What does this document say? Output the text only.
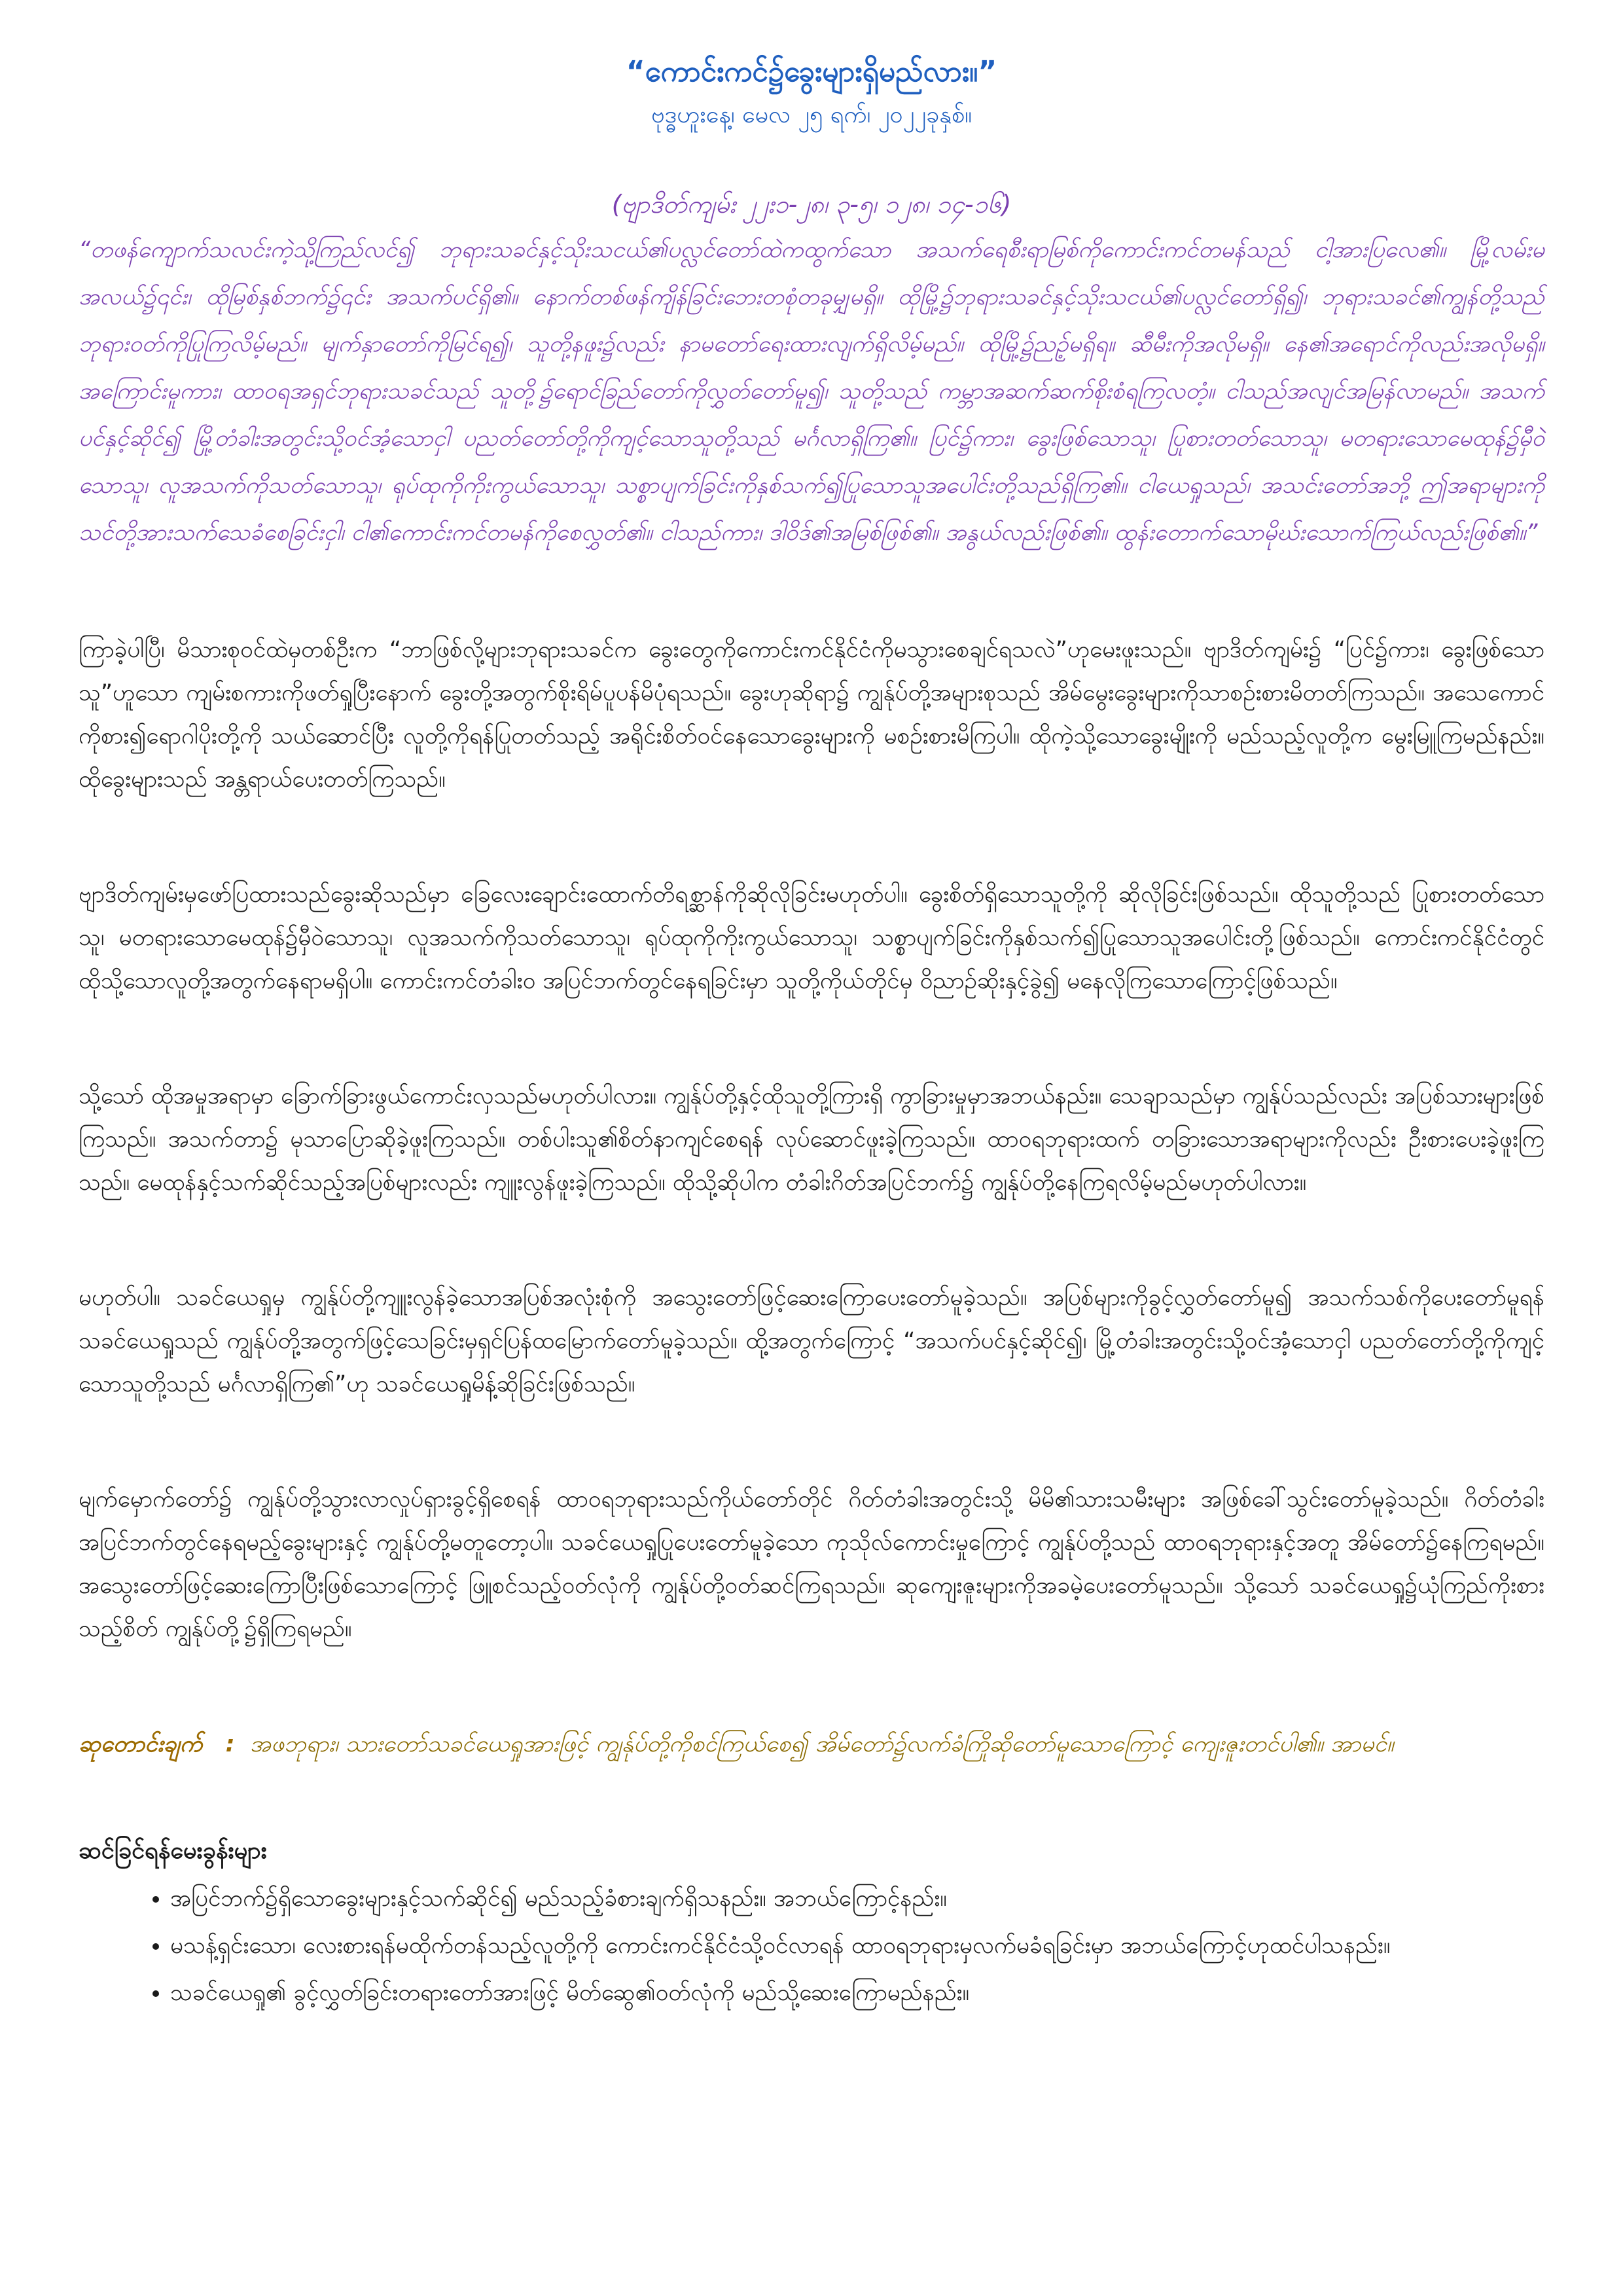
“ကောင်းကင်၌ခွေးများရှိမည်လား။”

ဗုဒ္ဓဟူးနေ့၊ မေလ ၂၅ ရက်၊ ၂၀၂၂ခုနှစ်။

(ဗျာဒိတ်ကျမ်း ၂၂း၁-၂၈၊ ၃-၅၊ ၁၂၈၊ ၁၄-၁၆)

“တဖန်ကျောက်သလင်းကဲ့သို့ကြည်လင်၍ ဘုရားသခင်နှင့်သိုးသငယ်၏ပလ္လင်တော်ထဲကထွက်သော အသက်ရေစီးရာမြစ်ကိုကောင်းကင်တမန်သည် ငါ့အားပြလေ၏။ မြို့လမ်းမအလယ်၌၎င်း၊ ထိုမြစ်နှစ်ဘက်၌၎င်း အသက်ပင်ရှိ၏။ နောက်တစ်ဖန်ကျိန်ခြင်းဘေးတစုံတခုမျှမရှိ။ ထိုမြို့၌ဘုရားသခင်နှင့်သိုးသငယ်၏ပလ္လင်တော်ရှိ၍၊ ဘုရားသခင်၏ကျွန်တို့သည် ဘုရားဝတ်ကိုပြုကြလိမ့်မည်။ မျက်နှာတော်ကိုမြင်ရ၍၊ သူတို့နဖူး၌လည်း နာမတော်ရေးထားလျက်ရှိလိမ့်မည်။ ထိုမြို့၌ညဉ့်မရှိရ။ ဆီမီးကိုအလိုမရှိ။ နေ၏အရောင်ကိုလည်းအလိုမရှိ။ အကြောင်းမူကား၊ ထာဝရအရှင်ဘုရားသခင်သည် သူတို့၌ရောင်ခြည်တော်ကိုလွှတ်တော်မူ၍၊ သူတို့သည် ကမ္ဘာအဆက်ဆက်စိုးစံရကြလတံ့။ ငါသည်အလျင်အမြန်လာမည်။ အသက်ပင်နှင့်ဆိုင်၍ မြို့တံခါးအတွင်းသို့ဝင်အံ့သောငှါ ပညတ်တော်တို့ကိုကျင့်သောသူတို့သည် မင်္ဂလာရှိကြ၏။ ပြင်၌ကား၊ ခွေးဖြစ်သောသူ၊ ပြုစားတတ်သောသူ၊ မတရားသောမေထုန်၌မှီဝဲသောသူ၊ လူအသက်ကိုသတ်သောသူ၊ ရုပ်ထုကိုကိုးကွယ်သောသူ၊ သစ္စာပျက်ခြင်းကိုနှစ်သက်၍ပြုသောသူအပေါင်းတို့သည်ရှိကြ၏။ ငါယေရှုသည်၊ အသင်းတော်အဘို့ ဤအရာများကို သင်တို့အားသက်သေခံစေခြင်းငှါ၊ ငါ၏ကောင်းကင်တမန်ကိုစေလွှတ်၏။ ငါသည်ကား၊ ဒါဝိဒ်၏အမြစ်ဖြစ်၏။ အနွယ်လည်းဖြစ်၏။ ထွန်းတောက်သောမိုဃ်းသောက်ကြယ်လည်းဖြစ်၏။”

ကြာခဲ့ပါပြီ၊ မိသားစုဝင်ထဲမှတစ်ဦးက “ဘာဖြစ်လို့များဘုရားသခင်က ခွေးတွေကိုကောင်းကင်နိုင်ငံကိုမသွားစေချင်ရသလဲ”ဟုမေးဖူးသည်။ ဗျာဒိတ်ကျမ်း၌ “ပြင်၌ကား၊ ခွေးဖြစ်သောသူ”ဟူသော ကျမ်းစကားကိုဖတ်ရှုပြီးနောက် ခွေးတို့အတွက်စိုးရိမ်ပူပန်မိပုံရသည်။ ခွေးဟုဆိုရာ၌ ကျွန်ုပ်တို့အများစုသည် အိမ်မွေးခွေးများကိုသာစဉ်းစားမိတတ်ကြသည်။ အသေကောင်ကိုစား၍ရောဂါပိုးတို့ကို သယ်ဆောင်ပြီး လူတို့ကိုရန်ပြုတတ်သည့် အရိုင်းစိတ်ဝင်နေသောခွေးများကို မစဉ်းစားမိကြပါ။ ထိုကဲ့သို့သောခွေးမျိုးကို မည်သည့်လူတို့က မွေးမြူကြမည်နည်း။ ထိုခွေးများသည် အန္တရာယ်ပေးတတ်ကြသည်။

ဗျာဒိတ်ကျမ်းမှဖော်ပြထားသည်ခွေးဆိုသည်မှာ ခြေလေးချောင်းထောက်တိရစ္ဆာန်ကိုဆိုလိုခြင်းမဟုတ်ပါ။ ခွေးစိတ်ရှိသောသူတို့ကို ဆိုလိုခြင်းဖြစ်သည်။ ထိုသူတို့သည် ပြုစားတတ်သောသူ၊ မတရားသောမေထုန်၌မှီဝဲသောသူ၊ လူအသက်ကိုသတ်သောသူ၊ ရုပ်ထုကိုကိုးကွယ်သောသူ၊ သစ္စာပျက်ခြင်းကိုနှစ်သက်၍ပြုသောသူအပေါင်းတို့ဖြစ်သည်။ ကောင်းကင်နိုင်ငံတွင် ထိုသို့သောလူတို့အတွက်နေရာမရှိပါ။ ကောင်းကင်တံခါး၀ အပြင်ဘက်တွင်နေရခြင်းမှာ သူတို့ကိုယ်တိုင်မှ ဝိညာဉ်ဆိုးနှင့်ခွဲ၍ မနေလိုကြသောကြောင့်ဖြစ်သည်။

သို့သော် ထိုအမှုအရာမှာ ခြောက်ခြားဖွယ်ကောင်းလှသည်မဟုတ်ပါလား။ ကျွန်ုပ်တို့နှင့်ထိုသူတို့ကြားရှိ ကွာခြားမှုမှာအဘယ်နည်း။ သေချာသည်မှာ ကျွန်ုပ်သည်လည်း အပြစ်သားများဖြစ်ကြသည်။ အသက်တာ၌ မုသာပြောဆိုခဲ့ဖူးကြသည်။ တစ်ပါးသူ၏စိတ်နာကျင်စေရန် လုပ်ဆောင်ဖူးခဲ့ကြသည်။ ထာဝရဘုရားထက် တခြားသောအရာများကိုလည်း ဦးစားပေးခဲ့ဖူးကြသည်။ မေထုန်နှင့်သက်ဆိုင်သည့်အပြစ်များလည်း ကျူးလွန်ဖူးခဲ့ကြသည်။ ထိုသို့ဆိုပါက တံခါးဂိတ်အပြင်ဘက်၌ ကျွန်ုပ်တို့နေကြရလိမ့်မည်မဟုတ်ပါလား။

မဟုတ်ပါ။ သခင်ယေရှုမှ ကျွန်ုပ်တို့ကျူးလွန်ခဲ့သောအပြစ်အလုံးစုံကို အသွေးတော်ဖြင့်ဆေးကြောပေးတော်မူခဲ့သည်။ အပြစ်များကိုခွင့်လွှတ်တော်မူ၍ အသက်သစ်ကိုပေးတော်မူရန် သခင်ယေရှုသည် ကျွန်ုပ်တို့အတွက်ဖြင့်သေခြင်းမှရှင်ပြန်ထမြောက်တော်မူခဲ့သည်။ ထို့အတွက်ကြောင့် “အသက်ပင်နှင့်ဆိုင်၍၊ မြို့တံခါးအတွင်းသို့ဝင်အံ့သောငှါ ပညတ်တော်တို့ကိုကျင့်သောသူတို့သည် မင်္ဂလာရှိကြ၏”ဟု သခင်ယေရှုမိန့်ဆိုခြင်းဖြစ်သည်။

မျက်မှောက်တော်၌ ကျွန်ုပ်တို့သွားလာလှုပ်ရှားခွင့်ရှိစေရန် ထာဝရဘုရားသည်ကိုယ်တော်တိုင် ဂိတ်တံခါးအတွင်းသို့ မိမိ၏သားသမီးများ အဖြစ်ခေါ်သွင်းတော်မူခဲ့သည်။ ဂိတ်တံခါးအပြင်ဘက်တွင်နေရမည့်ခွေးများနှင့် ကျွန်ုပ်တို့မတူတော့ပါ။ သခင်ယေရှုပြုပေးတော်မူခဲ့သော ကုသိုလ်ကောင်းမှုကြောင့် ကျွန်ုပ်တို့သည် ထာဝရဘုရားနှင့်အတူ အိမ်တော်၌နေကြရမည်။ အသွေးတော်ဖြင့်ဆေးကြောပြီးဖြစ်သောကြောင့် ဖြူစင်သည့်ဝတ်လုံကို ကျွန်ုပ်တို့ဝတ်ဆင်ကြရသည်။ ဆုကျေးဇူးများကိုအခမဲ့ပေးတော်မူသည်။ သို့သော် သခင်ယေရှု၌ယုံကြည်ကိုးစားသည့်စိတ် ကျွန်ုပ်တို့၌ရှိကြရမည်။

ဆုတောင်းချက်   :  အဖဘုရား၊ သားတော်သခင်ယေရှုအားဖြင့် ကျွန်ုပ်တို့ကိုစင်ကြယ်စေ၍ အိမ်တော်၌လက်ခံကြိုဆိုတော်မူသောကြောင့် ကျေးဇူးတင်ပါ၏။ အာမင်။

ဆင်ခြင်ရန်မေးခွန်းများ

• အပြင်ဘက်၌ရှိသောခွေးများနှင့်သက်ဆိုင်၍ မည်သည့်ခံစားချက်ရှိသနည်း။ အဘယ်ကြောင့်နည်း။
• မသန့်ရှင်းသော၊ လေးစားရန်မထိုက်တန်သည့်လူတို့ကို ကောင်းကင်နိုင်ငံသို့ဝင်လာရန် ထာဝရဘုရားမှလက်မခံရခြင်းမှာ အဘယ်ကြောင့်ဟုထင်ပါသနည်း။
• သခင်ယေရှု၏ ခွင့်လွှတ်ခြင်းတရားတော်အားဖြင့် မိတ်ဆွေ၏ဝတ်လုံကို မည်သို့ဆေးကြောမည်နည်း။
